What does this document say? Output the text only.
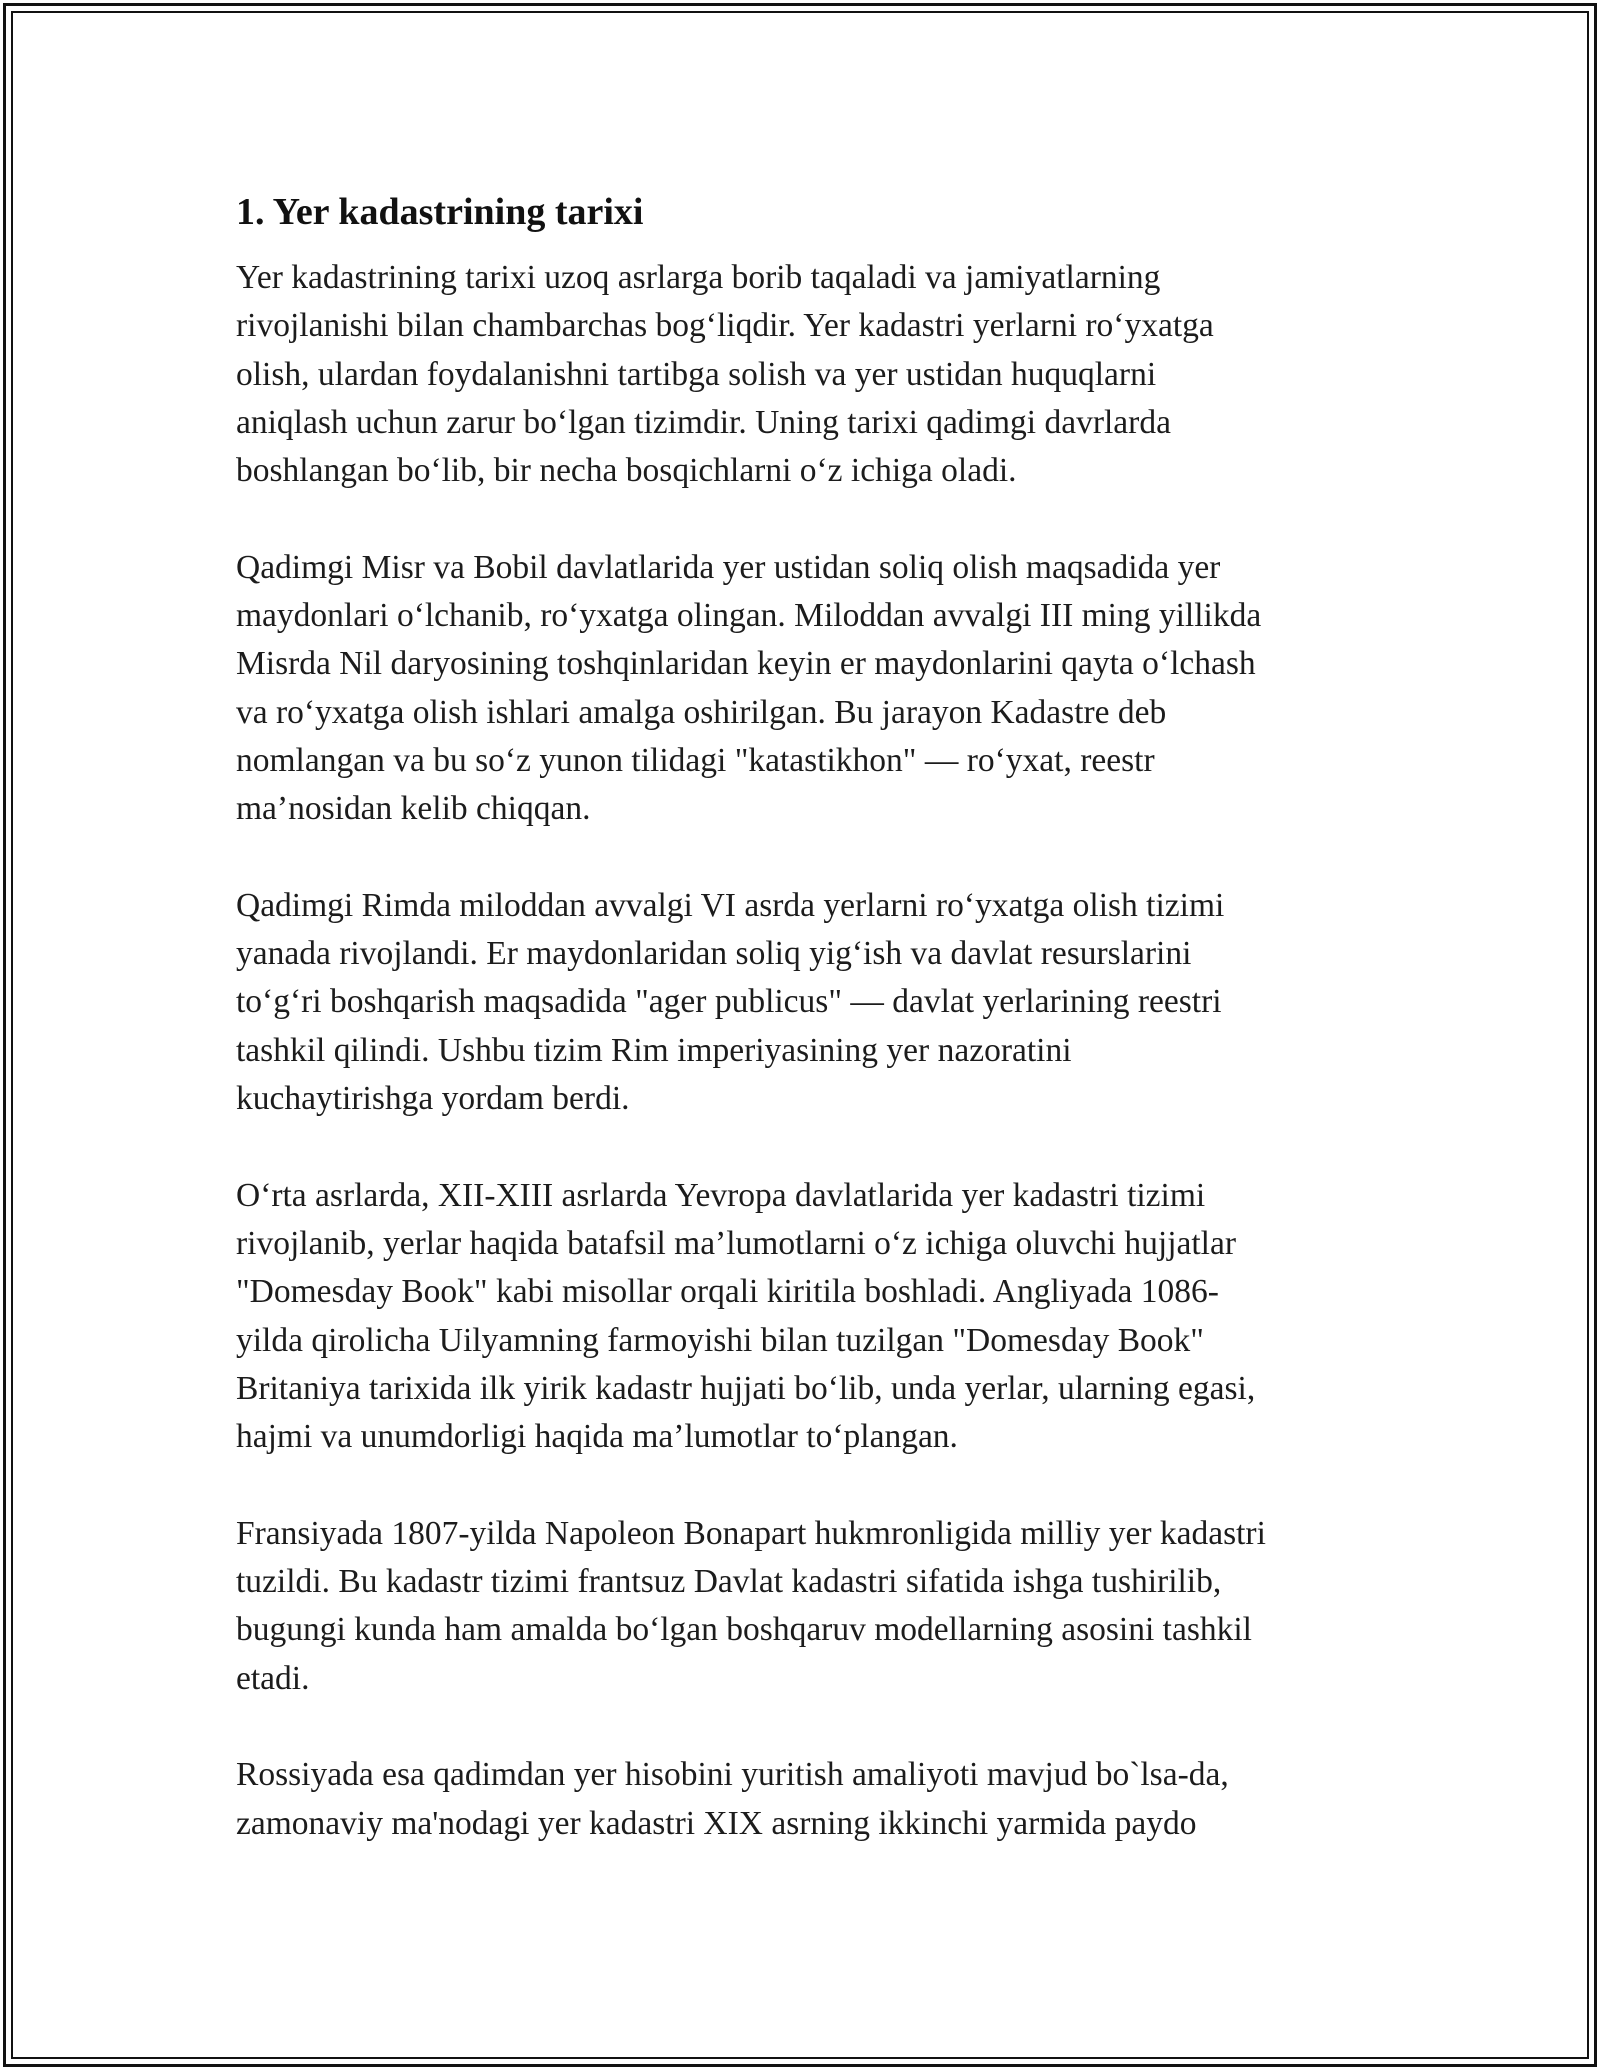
1. Yer kadastrining tarixi

Yer kadastrining tarixi uzoq asrlarga borib taqaladi va jamiyatlarning
rivojlanishi bilan chambarchas bog‘liqdir. Yer kadastri yerlarni ro‘yxatga
olish, ulardan foydalanishni tartibga solish va yer ustidan huquqlarni
aniqlash uchun zarur bo‘lgan tizimdir. Uning tarixi qadimgi davrlarda
boshlangan bo‘lib, bir necha bosqichlarni o‘z ichiga oladi.

Qadimgi Misr va Bobil davlatlarida yer ustidan soliq olish maqsadida yer
maydonlari o‘lchanib, ro‘yxatga olingan. Miloddan avvalgi III ming yillikda
Misrda Nil daryosining toshqinlaridan keyin er maydonlarini qayta o‘lchash
va ro‘yxatga olish ishlari amalga oshirilgan. Bu jarayon Kadastre deb
nomlangan va bu so‘z yunon tilidagi "katastikhon" — ro‘yxat, reestr
ma’nosidan kelib chiqqan.

Qadimgi Rimda miloddan avvalgi VI asrda yerlarni ro‘yxatga olish tizimi
yanada rivojlandi. Er maydonlaridan soliq yig‘ish va davlat resurslarini
to‘g‘ri boshqarish maqsadida "ager publicus" — davlat yerlarining reestri
tashkil qilindi. Ushbu tizim Rim imperiyasining yer nazoratini
kuchaytirishga yordam berdi.

O‘rta asrlarda, XII-XIII asrlarda Yevropa davlatlarida yer kadastri tizimi
rivojlanib, yerlar haqida batafsil ma’lumotlarni o‘z ichiga oluvchi hujjatlar
"Domesday Book" kabi misollar orqali kiritila boshladi. Angliyada 1086-
yilda qirolicha Uilyamning farmoyishi bilan tuzilgan "Domesday Book"
Britaniya tarixida ilk yirik kadastr hujjati bo‘lib, unda yerlar, ularning egasi,
hajmi va unumdorligi haqida ma’lumotlar to‘plangan.

Fransiyada 1807-yilda Napoleon Bonapart hukmronligida milliy yer kadastri
tuzildi. Bu kadastr tizimi frantsuz Davlat kadastri sifatida ishga tushirilib,
bugungi kunda ham amalda bo‘lgan boshqaruv modellarning asosini tashkil
etadi.

Rossiyada esa qadimdan yer hisobini yuritish amaliyoti mavjud bo`lsa-da,
zamonaviy ma'nodagi yer kadastri XIX asrning ikkinchi yarmida paydo
